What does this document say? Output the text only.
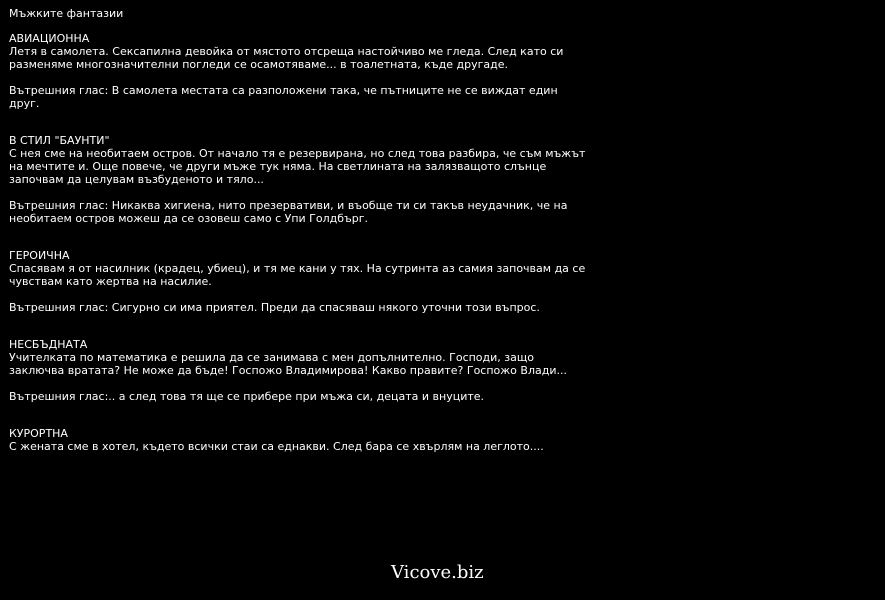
Мъжките фантазии
АВИАЦИОННА
Летя в самолета. Сексапилна девойка от мястото отсреща настойчиво ме гледа. След като си разменяме многозначителни погледи се осамотяваме... в тоалетната, къде другаде.
Вътрешния глас: В самолета местата са разположени така, че пътниците не се виждат един друг.
В СТИЛ "БАУНТИ"
С нея сме на необитаем остров. От начало тя е резервирана, но след това разбира, че съм мъжът на мечтите и. Още повече, че други мъже тук няма. На светлината на залязващото слънце започвам да целувам възбуденото и тяло...
Вътрешния глас: Никаква хигиена, нито презервативи, и въобще ти си такъв неудачник, че на необитаем остров можеш да се озовеш само с Упи Голдбърг.
ГЕРОИЧНА
Спасявам я от насилник (крадец, убиец), и тя ме кани у тях. На сутринта аз самия започвам да се чувствам като жертва на насилие.
Вътрешния глас: Сигурно си има приятел. Преди да спасяваш някого уточни този въпрос.
НЕСБЪДНАТА
Учителката по математика е решила да се занимава с мен допълнително. Господи, защо заключва вратата? Не може да бъде! Госпожо Владимирова! Какво правите? Госпожо Влади...
Вътрешния глас:.. а след това тя ще се прибере при мъжа си, децата и внуците.
КУРОРТНА
С жената сме в хотел, където всички стаи са еднакви. След бара се хвърлям на леглото....
Vicove.biz
